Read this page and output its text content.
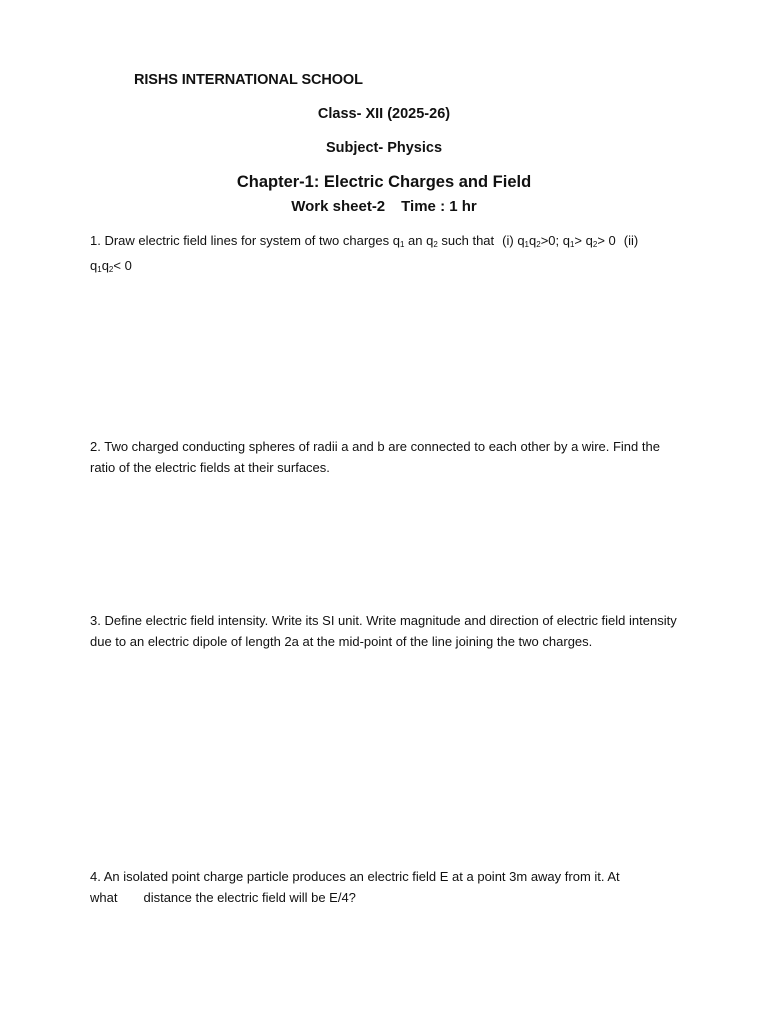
RISHS INTERNATIONAL SCHOOL
Class- XII (2025-26)
Subject- Physics
Chapter-1: Electric Charges and Field
Work sheet-2 Time : 1 hr
1. Draw electric field lines for system of two charges $q_1$ an $q_2$ such that (i) $q_1q_2>0$; $q_1> q_2> 0$ (ii)
$q_1q_2< 0$
2. Two charged conducting spheres of radii a and b are connected to each other by a wire. Find the ratio of the electric fields at their surfaces.
3. Define electric field intensity. Write its SI unit. Write magnitude and direction of electric field intensity due to an electric dipole of length 2a at the mid-point of the line joining the two charges.
4. An isolated point charge particle produces an electric field E at a point 3m away from it. At
what distance the electric field will be E/4?
